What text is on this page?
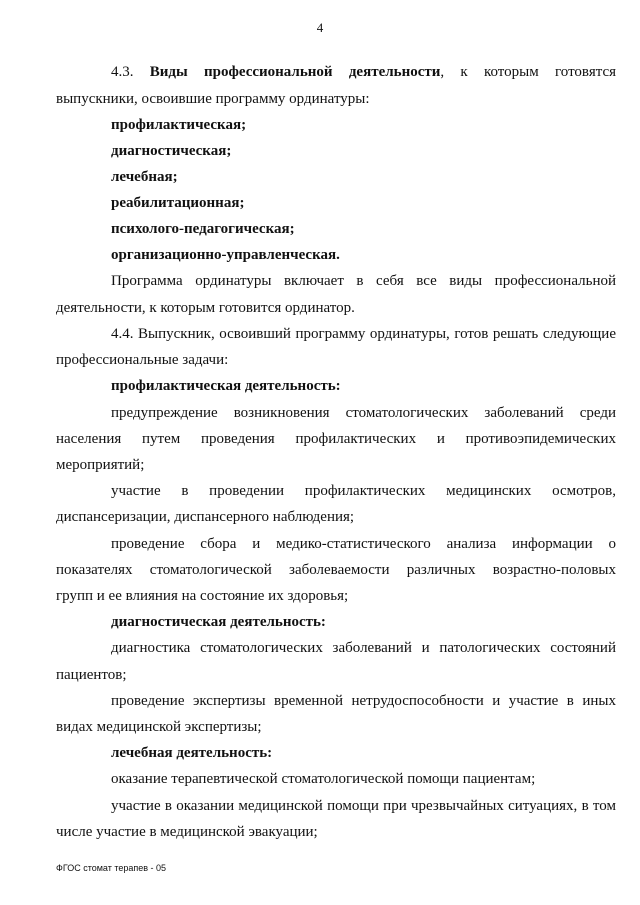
4
4.3. Виды профессиональной деятельности, к которым готовятся
выпускники, освоившие программу ординатуры:
профилактическая;
диагностическая;
лечебная;
реабилитационная;
психолого-педагогическая;
организационно-управленческая.
Программа ординатуры включает в себя все виды профессиональной
деятельности, к которым готовится ординатор.
4.4. Выпускник, освоивший программу ординатуры, готов решать следующие
профессиональные задачи:
профилактическая деятельность:
предупреждение возникновения стоматологических заболеваний среди
населения путем проведения профилактических и противоэпидемических
мероприятий;
участие в проведении профилактических медицинских осмотров,
диспансеризации, диспансерного наблюдения;
проведение сбора и медико-статистического анализа информации о
показателях стоматологической заболеваемости различных возрастно-половых
групп и ее влияния на состояние их здоровья;
диагностическая деятельность:
диагностика стоматологических заболеваний и патологических состояний
пациентов;
проведение экспертизы временной нетрудоспособности и участие в иных
видах медицинской экспертизы;
лечебная деятельность:
оказание терапевтической стоматологической помощи пациентам;
участие в оказании медицинской помощи при чрезвычайных ситуациях, в том
числе участие в медицинской эвакуации;
ФГОС стомат терапев - 05
